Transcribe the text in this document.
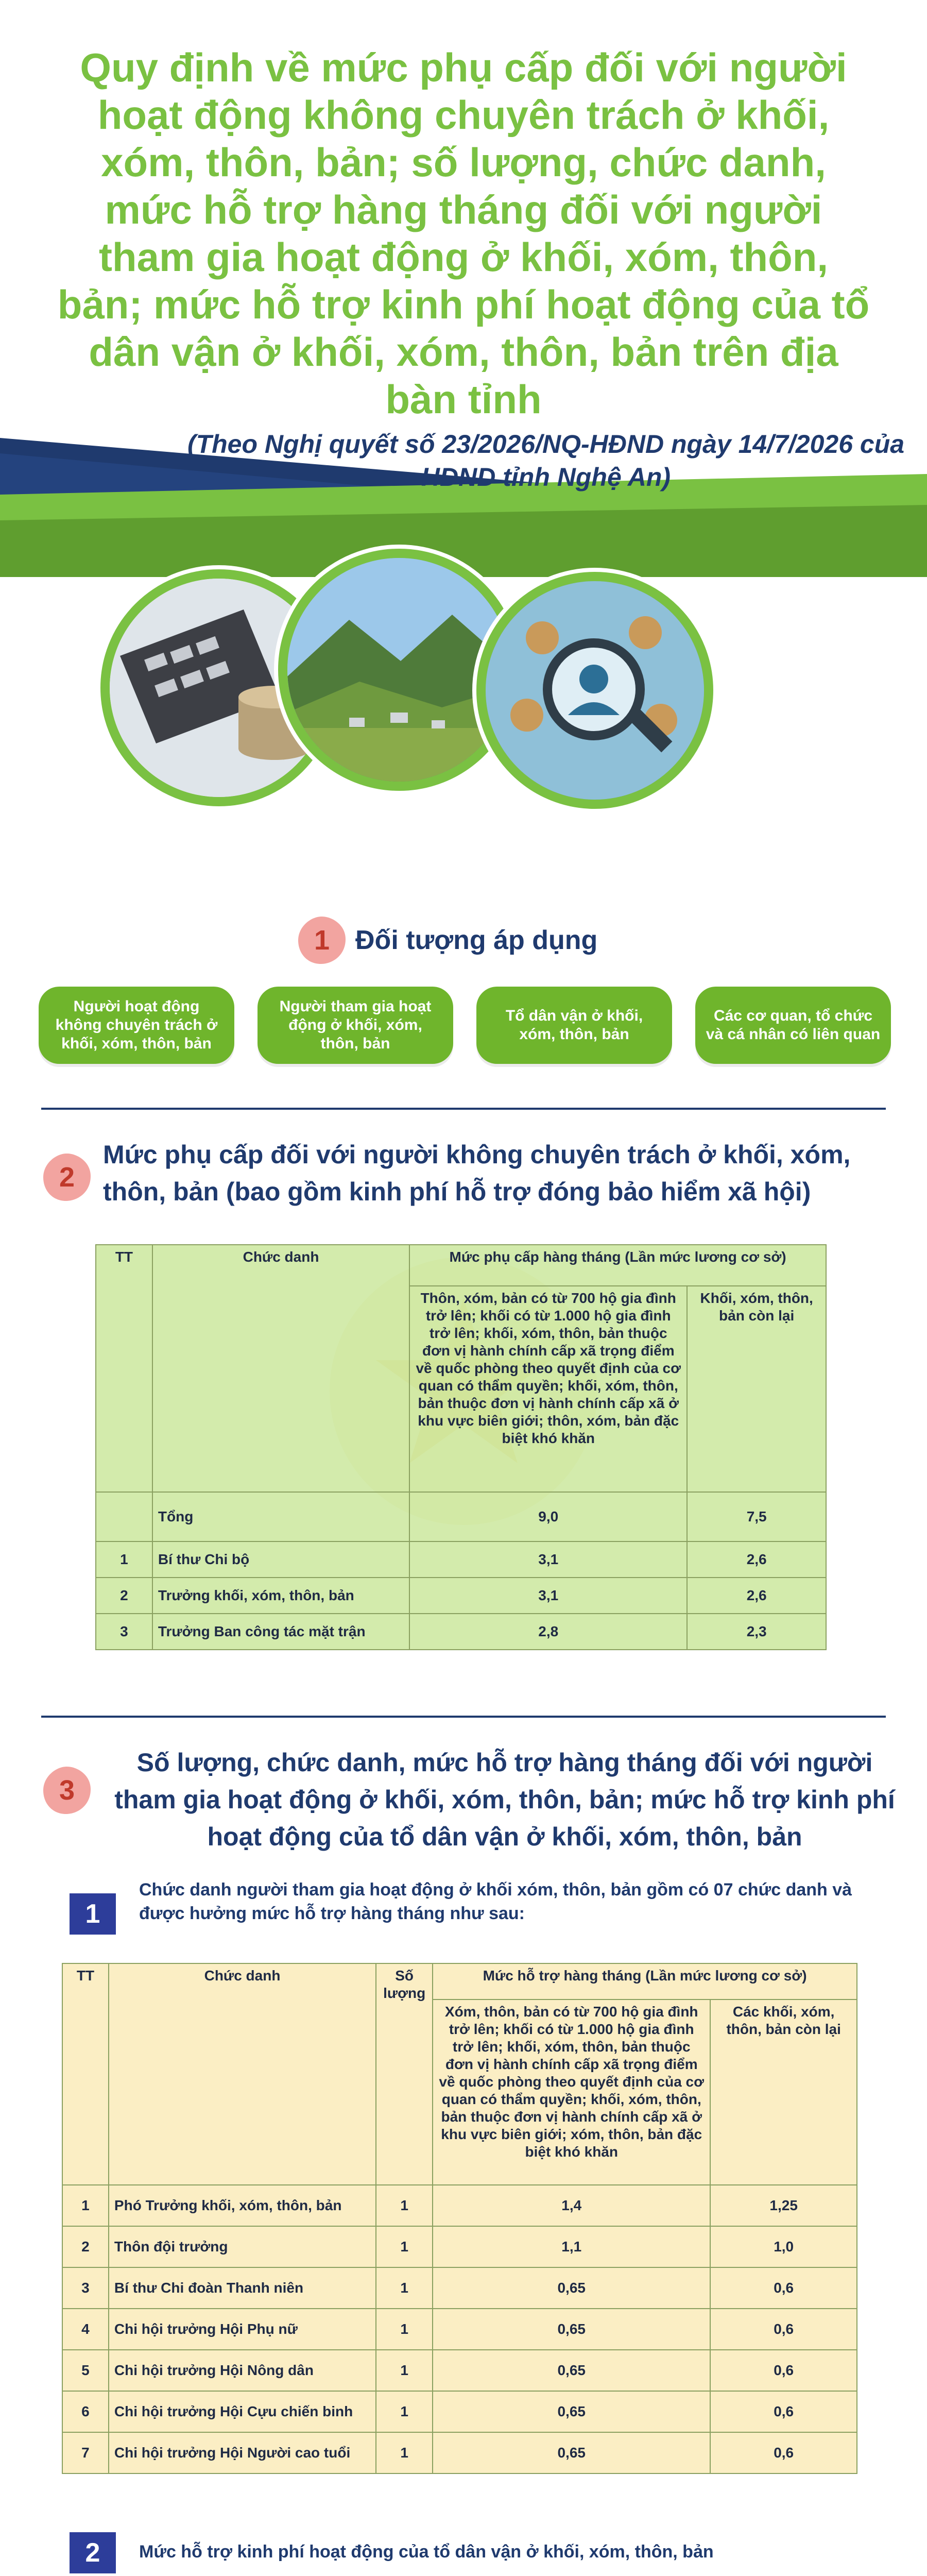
Quy định về mức phụ cấp đối với người hoạt động không chuyên trách ở khối, xóm, thôn, bản; số lượng, chức danh, mức hỗ trợ hàng tháng đối với người tham gia hoạt động ở khối, xóm, thôn, bản; mức hỗ trợ kinh phí hoạt động của tổ dân vận ở khối, xóm, thôn, bản trên địa bàn tỉnh
(Theo Nghị quyết số 23/2026/NQ-HĐND ngày 14/7/2026 của HĐND tỉnh Nghệ An)
1 Đối tượng áp dụng
Người hoạt động không chuyên trách ở khối, xóm, thôn, bản
Người tham gia hoạt động ở khối, xóm, thôn, bản
Tổ dân vận ở khối, xóm, thôn, bản
Các cơ quan, tổ chức và cá nhân có liên quan
2
Mức phụ cấp đối với người không chuyên trách ở khối, xóm, thôn, bản (bao gồm kinh phí hỗ trợ đóng bảo hiểm xã hội)
TT	Chức danh	Mức phụ cấp hàng tháng (Lần mức lương cơ sở)	
		Thôn, xóm, bản có từ 700 hộ gia đình trở lên; khối có từ 1.000 hộ gia đình trở lên; khối, xóm, thôn, bản thuộc đơn vị hành chính cấp xã trọng điểm về quốc phòng theo quyết định của cơ quan có thẩm quyền; khối, xóm, thôn, bản thuộc đơn vị hành chính cấp xã ở khu vực biên giới; thôn, xóm, bản đặc biệt khó khăn	Khối, xóm, thôn, bản còn lại
	Tổng	9,0	7,5
1	Bí thư Chi bộ	3,1	2,6
2	Trưởng khối, xóm, thôn, bản	3,1	2,6
3	Trưởng Ban công tác mặt trận	2,8	2,3
3
Số lượng, chức danh, mức hỗ trợ hàng tháng đối với người tham gia hoạt động ở khối, xóm, thôn, bản; mức hỗ trợ kinh phí hoạt động của tổ dân vận ở khối, xóm, thôn, bản
1
Chức danh người tham gia hoạt động ở khối xóm, thôn, bản gồm có 07 chức danh và được hưởng mức hỗ trợ hàng tháng như sau:
TT	Chức danh	Số lượng	Mức hỗ trợ hàng tháng (Lần mức lương cơ sở)	
			Xóm, thôn, bản có từ 700 hộ gia đình trở lên; khối có từ 1.000 hộ gia đình trở lên; khối, xóm, thôn, bản thuộc đơn vị hành chính cấp xã trọng điểm về quốc phòng theo quyết định của cơ quan có thẩm quyền; khối, xóm, thôn, bản thuộc đơn vị hành chính cấp xã ở khu vực biên giới; xóm, thôn, bản đặc biệt khó khăn	Các khối, xóm, thôn, bản còn lại
1	Phó Trưởng khối, xóm, thôn, bản	1	1,4	1,25
2	Thôn đội trưởng	1	1,1	1,0
3	Bí thư Chi đoàn Thanh niên	1	0,65	0,6
4	Chi hội trưởng Hội Phụ nữ	1	0,65	0,6
5	Chi hội trưởng Hội Nông dân	1	0,65	0,6
6	Chi hội trưởng Hội Cựu chiến binh	1	0,65	0,6
7	Chi hội trưởng Hội Người cao tuổi	1	0,65	0,6
2	Mức hỗ trợ kinh phí hoạt động của tổ dân vận ở khối, xóm, thôn, bản
